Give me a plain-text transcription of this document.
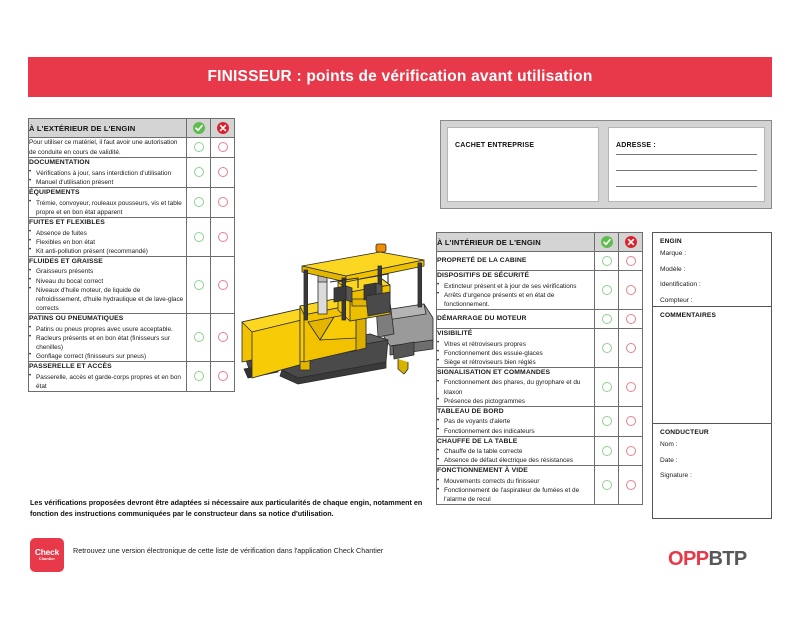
FINISSEUR : points de vérification avant utilisation
CACHET ENTREPRISE	ADRESSE :
À L'EXTÉRIEUR DE L'ENGIN	

Pour utiliser ce matériel, il faut avoir une autorisation de conduite en cours de validité.		

DOCUMENTATION
• Vérifications à jour, sans interdiction d'utilisation
• Manuel d'utilisation présent

ÉQUIPEMENTS
• Trémie, convoyeur, rouleaux pousseurs, vis et table propre et en bon état apparent

FUITES ET FLEXIBLES
• Absence de fuites
• Flexibles en bon état
• Kit anti-pollution présent (recommandé)

FLUIDES ET GRAISSE
• Graisseurs présents
• Niveau du bocal correct
• Niveaux d'huile moteur, de liquide de refroidissement, d'huile hydraulique et de lave-glace corrects

PATINS OU PNEUMATIQUES
• Patins ou pneus propres avec usure acceptable.
• Racleurs présents et en bon état (finisseurs sur chenilles)
• Gonflage correct (finisseurs sur pneus)

PASSERELLE ET ACCÈS
• Passerelle, accès et garde-corps propres et en bon état

À L'INTÉRIEUR DE L'ENGIN	

PROPRETÉ DE LA CABINE		

DISPOSITIFS DE SÉCURITÉ
• Extincteur présent et à jour de ses vérifications
• Arrêts d'urgence présents et en état de fonctionnement.

DÉMARRAGE DU MOTEUR		

VISIBILITÉ
• Vitres et rétroviseurs propres
• Fonctionnement des essuie-glaces
• Siège et rétroviseurs bien réglés

SIGNALISATION ET COMMANDES
• Fonctionnement des phares, du gyrophare et du klaxon
• Présence des pictogrammes

TABLEAU DE BORD
• Pas de voyants d'alerte
• Fonctionnement des indicateurs

CHAUFFE DE LA TABLE
• Chauffe de la table correcte
• Absence de défaut électrique des résistances

FONCTIONNEMENT À VIDE
• Mouvements corrects du finisseur
• Fonctionnement de l'aspirateur de fumées et de l'alarme de recul

ENGIN
Marque :
Modèle :
Identification :
Compteur :
COMMENTAIRES
CONDUCTEUR
Nom :
Date :
Signature :
Les vérifications proposées devront être adaptées si nécessaire aux particularités de chaque engin, notamment en fonction des instructions communiquées par le constructeur dans sa notice d'utilisation.
Check
Chantier
Retrouvez une version électronique de cette liste de vérification dans l'application Check Chantier	OPPBTP
